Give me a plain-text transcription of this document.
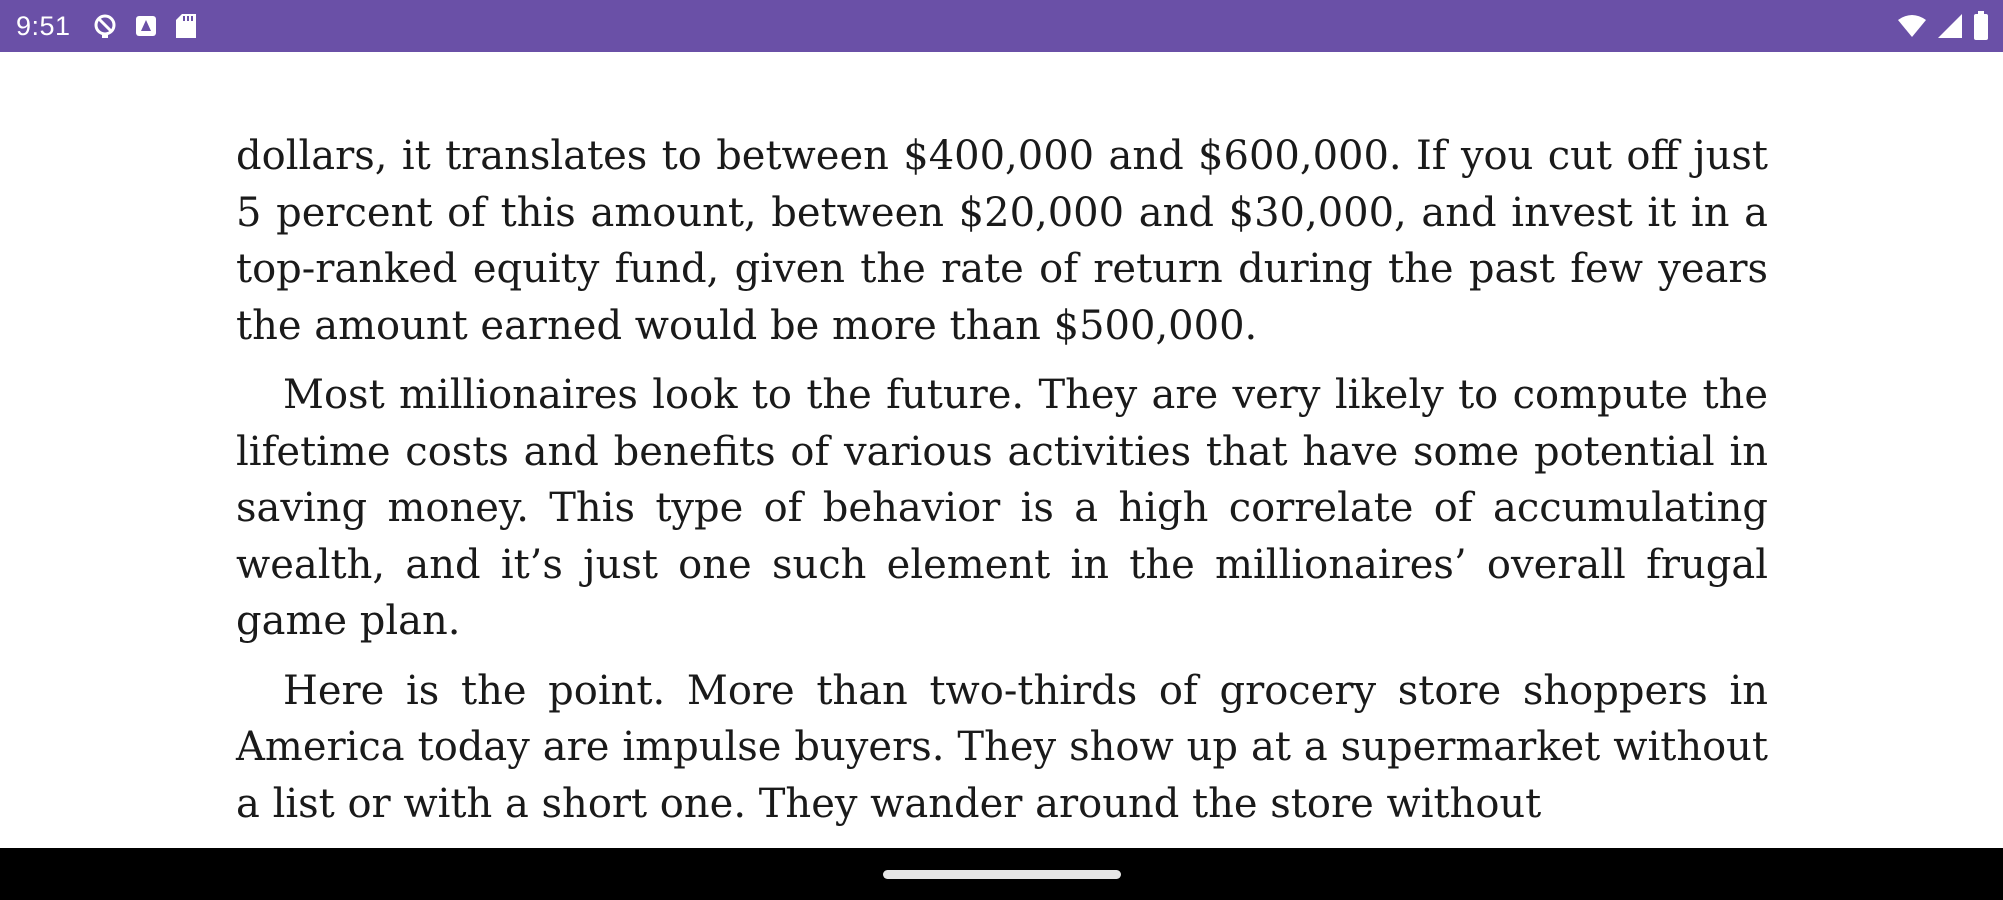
9:51

dollars, it translates to between $400,000 and $600,000. If you cut off just 5 percent of this amount, between $20,000 and $30,000, and invest it in a top-ranked equity fund, given the rate of return during the past few years the amount earned would be more than $500,000.

Most millionaires look to the future. They are very likely to compute the lifetime costs and benefits of various activities that have some potential in saving money. This type of behavior is a high correlate of accumulating wealth, and it’s just one such element in the millionaires’ overall frugal game plan.

Here is the point. More than two-thirds of grocery store shoppers in America today are impulse buyers. They show up at a supermarket without a list or with a short one. They wander around the store without
